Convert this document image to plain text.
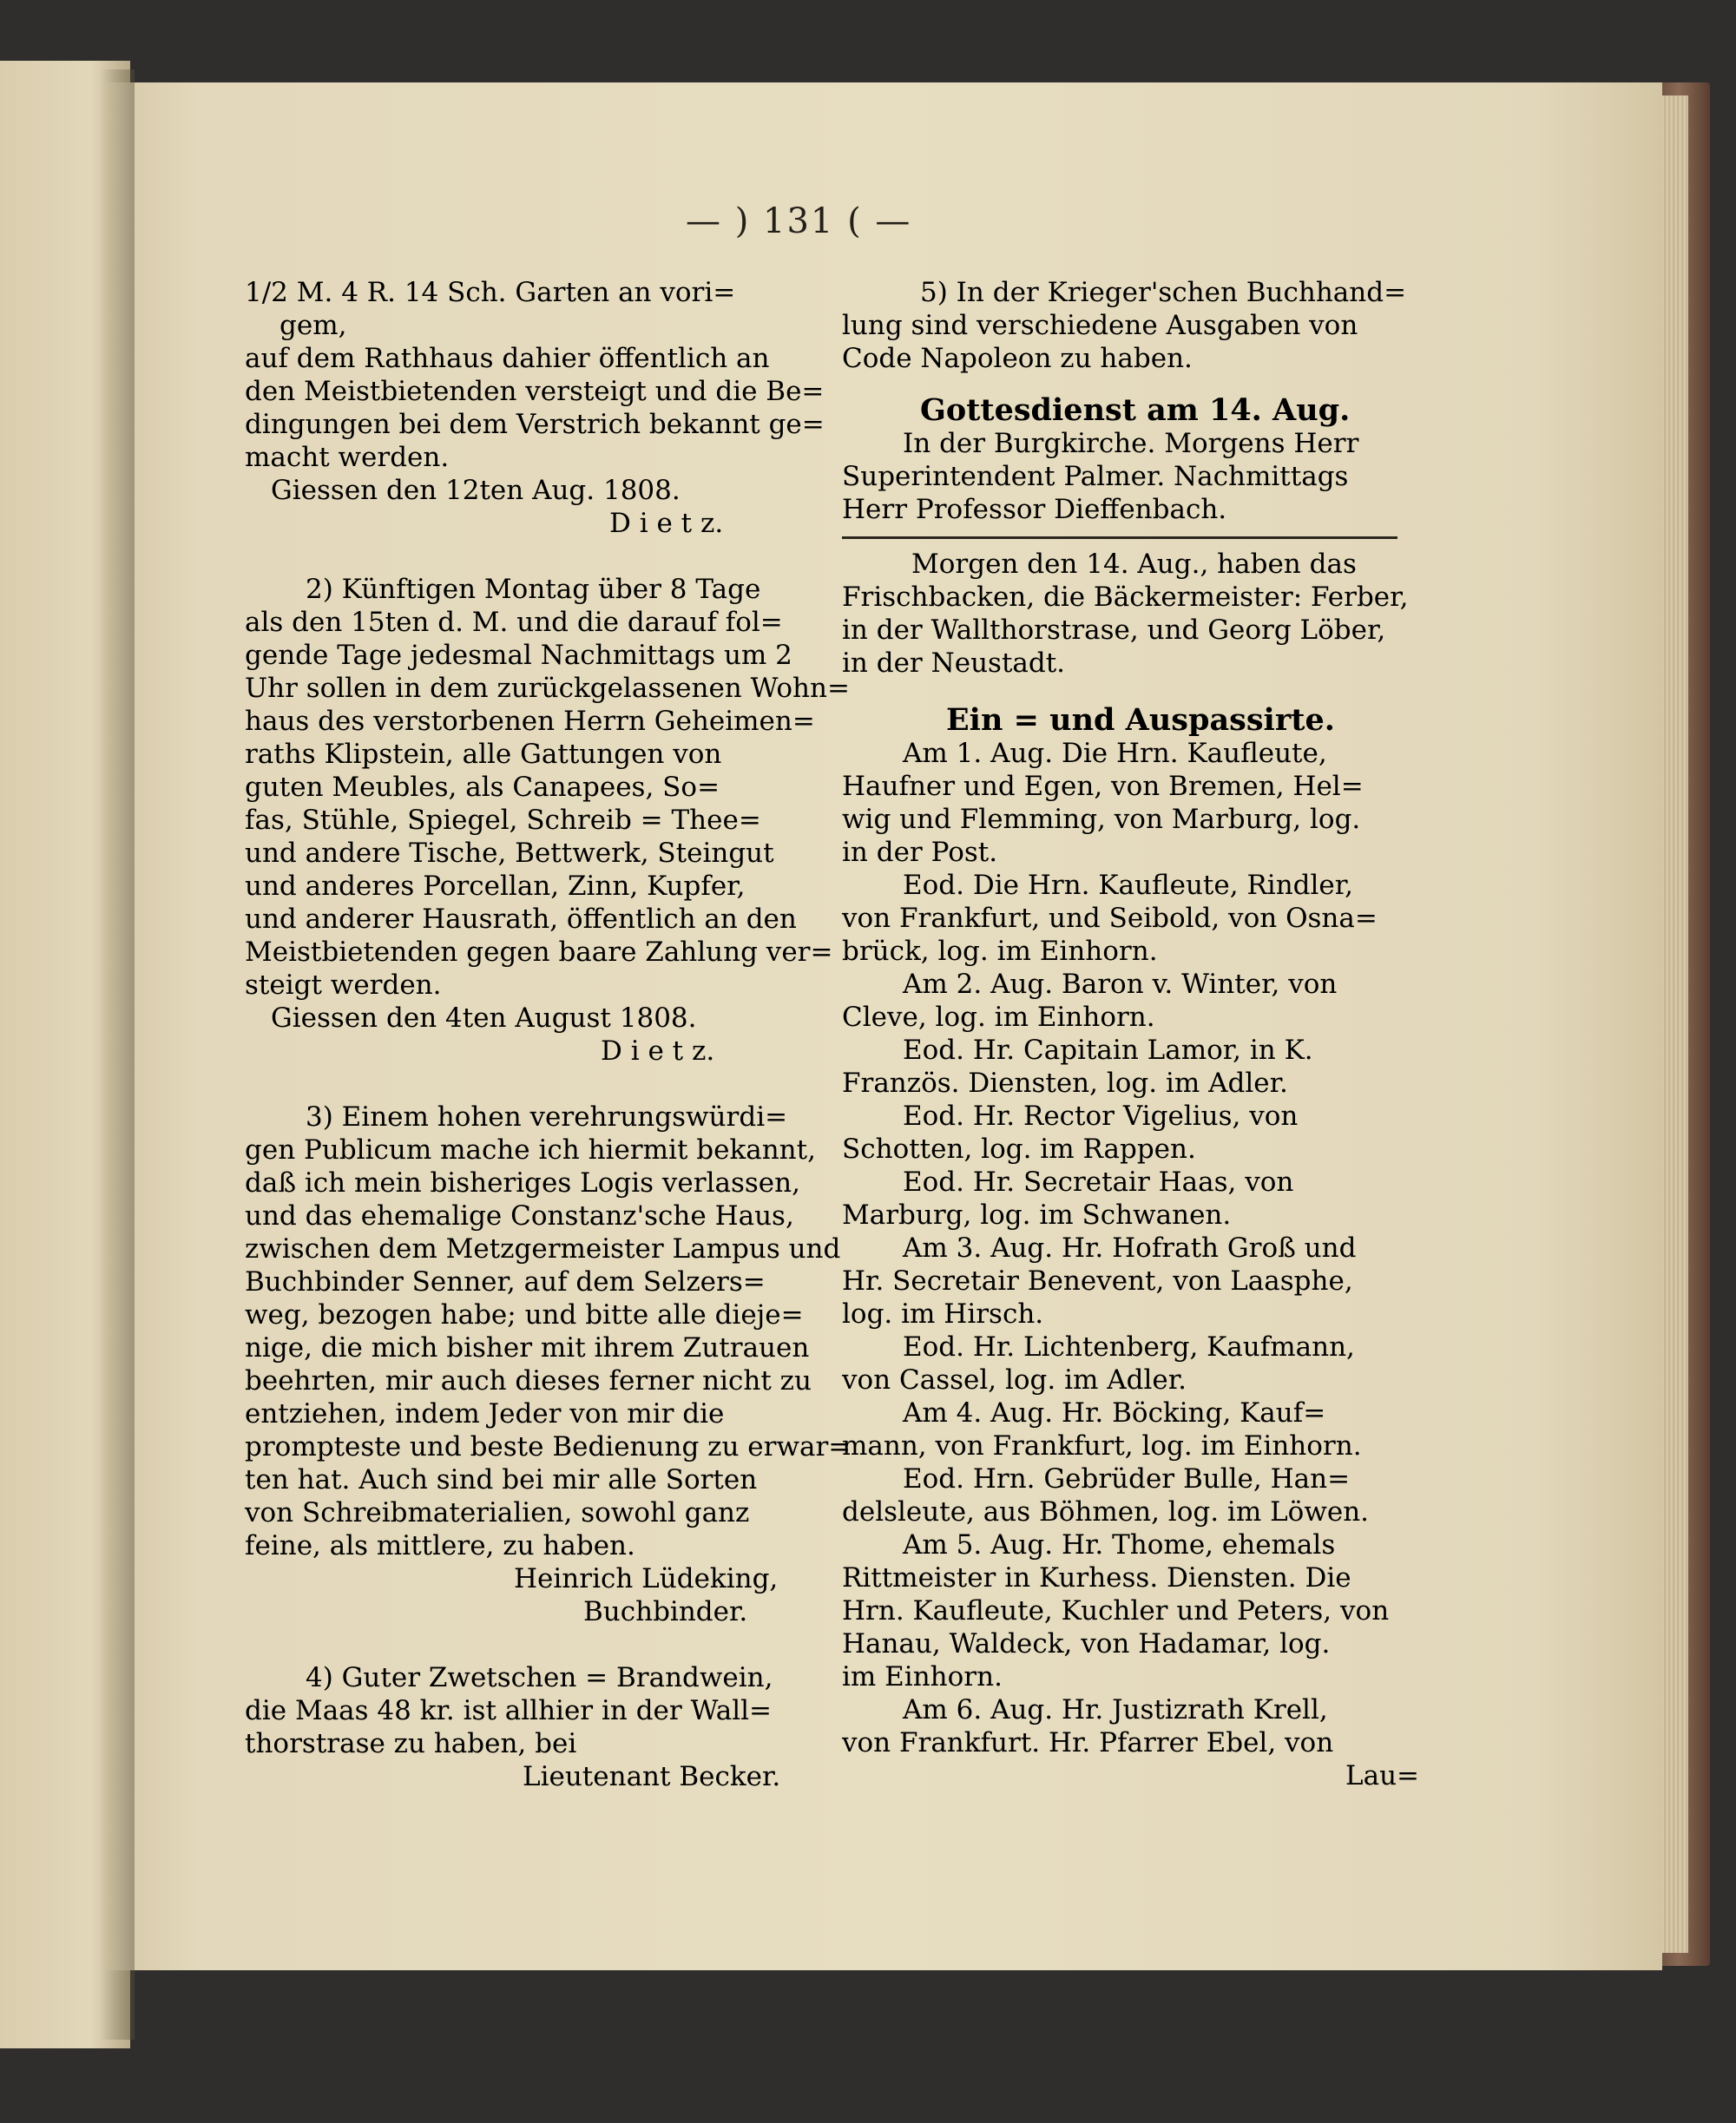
— ) 131 ( —
1/2 M. 4 R. 14 Sch. Garten an vori=
gem,
auf dem Rathhaus dahier öffentlich an
den Meistbietenden versteigt und die Be=
dingungen bei dem Verstrich bekannt ge=
macht werden.
Giessen den 12ten Aug. 1808.
D i e t z.
2) Künftigen Montag über 8 Tage
als den 15ten d. M. und die darauf fol=
gende Tage jedesmal Nachmittags um 2
Uhr sollen in dem zurückgelassenen Wohn=
haus des verstorbenen Herrn Geheimen=
raths Klipstein, alle Gattungen von
guten Meubles, als Canapees, So=
fas, Stühle, Spiegel, Schreib = Thee=
und andere Tische, Bettwerk, Steingut
und anderes Porcellan, Zinn, Kupfer,
und anderer Hausrath, öffentlich an den
Meistbietenden gegen baare Zahlung ver=
steigt werden.
Giessen den 4ten August 1808.
D i e t z.
3) Einem hohen verehrungswürdi=
gen Publicum mache ich hiermit bekannt,
daß ich mein bisheriges Logis verlassen,
und das ehemalige Constanz'sche Haus,
zwischen dem Metzgermeister Lampus und
Buchbinder Senner, auf dem Selzers=
weg, bezogen habe; und bitte alle dieje=
nige, die mich bisher mit ihrem Zutrauen
beehrten, mir auch dieses ferner nicht zu
entziehen, indem Jeder von mir die
prompteste und beste Bedienung zu erwar=
ten hat. Auch sind bei mir alle Sorten
von Schreibmaterialien, sowohl ganz
feine, als mittlere, zu haben.
Heinrich Lüdeking,
Buchbinder.
4) Guter Zwetschen = Brandwein,
die Maas 48 kr. ist allhier in der Wall=
thorstrase zu haben, bei
Lieutenant Becker.
5) In der Krieger'schen Buchhand=
lung sind verschiedene Ausgaben von
Code Napoleon zu haben.
Gottesdienst am 14. Aug.
In der Burgkirche. Morgens Herr
Superintendent Palmer. Nachmittags
Herr Professor Dieffenbach.
Morgen den 14. Aug., haben das
Frischbacken, die Bäckermeister: Ferber,
in der Wallthorstrase, und Georg Löber,
in der Neustadt.
Ein = und Auspassirte.
Am 1. Aug. Die Hrn. Kaufleute,
Haufner und Egen, von Bremen, Hel=
wig und Flemming, von Marburg, log.
in der Post.
Eod. Die Hrn. Kaufleute, Rindler,
von Frankfurt, und Seibold, von Osna=
brück, log. im Einhorn.
Am 2. Aug. Baron v. Winter, von
Cleve, log. im Einhorn.
Eod. Hr. Capitain Lamor, in K.
Französ. Diensten, log. im Adler.
Eod. Hr. Rector Vigelius, von
Schotten, log. im Rappen.
Eod. Hr. Secretair Haas, von
Marburg, log. im Schwanen.
Am 3. Aug. Hr. Hofrath Groß und
Hr. Secretair Benevent, von Laasphe,
log. im Hirsch.
Eod. Hr. Lichtenberg, Kaufmann,
von Cassel, log. im Adler.
Am 4. Aug. Hr. Böcking, Kauf=
mann, von Frankfurt, log. im Einhorn.
Eod. Hrn. Gebrüder Bulle, Han=
delsleute, aus Böhmen, log. im Löwen.
Am 5. Aug. Hr. Thome, ehemals
Rittmeister in Kurhess. Diensten. Die
Hrn. Kaufleute, Kuchler und Peters, von
Hanau, Waldeck, von Hadamar, log.
im Einhorn.
Am 6. Aug. Hr. Justizrath Krell,
von Frankfurt. Hr. Pfarrer Ebel, von
Lau=
